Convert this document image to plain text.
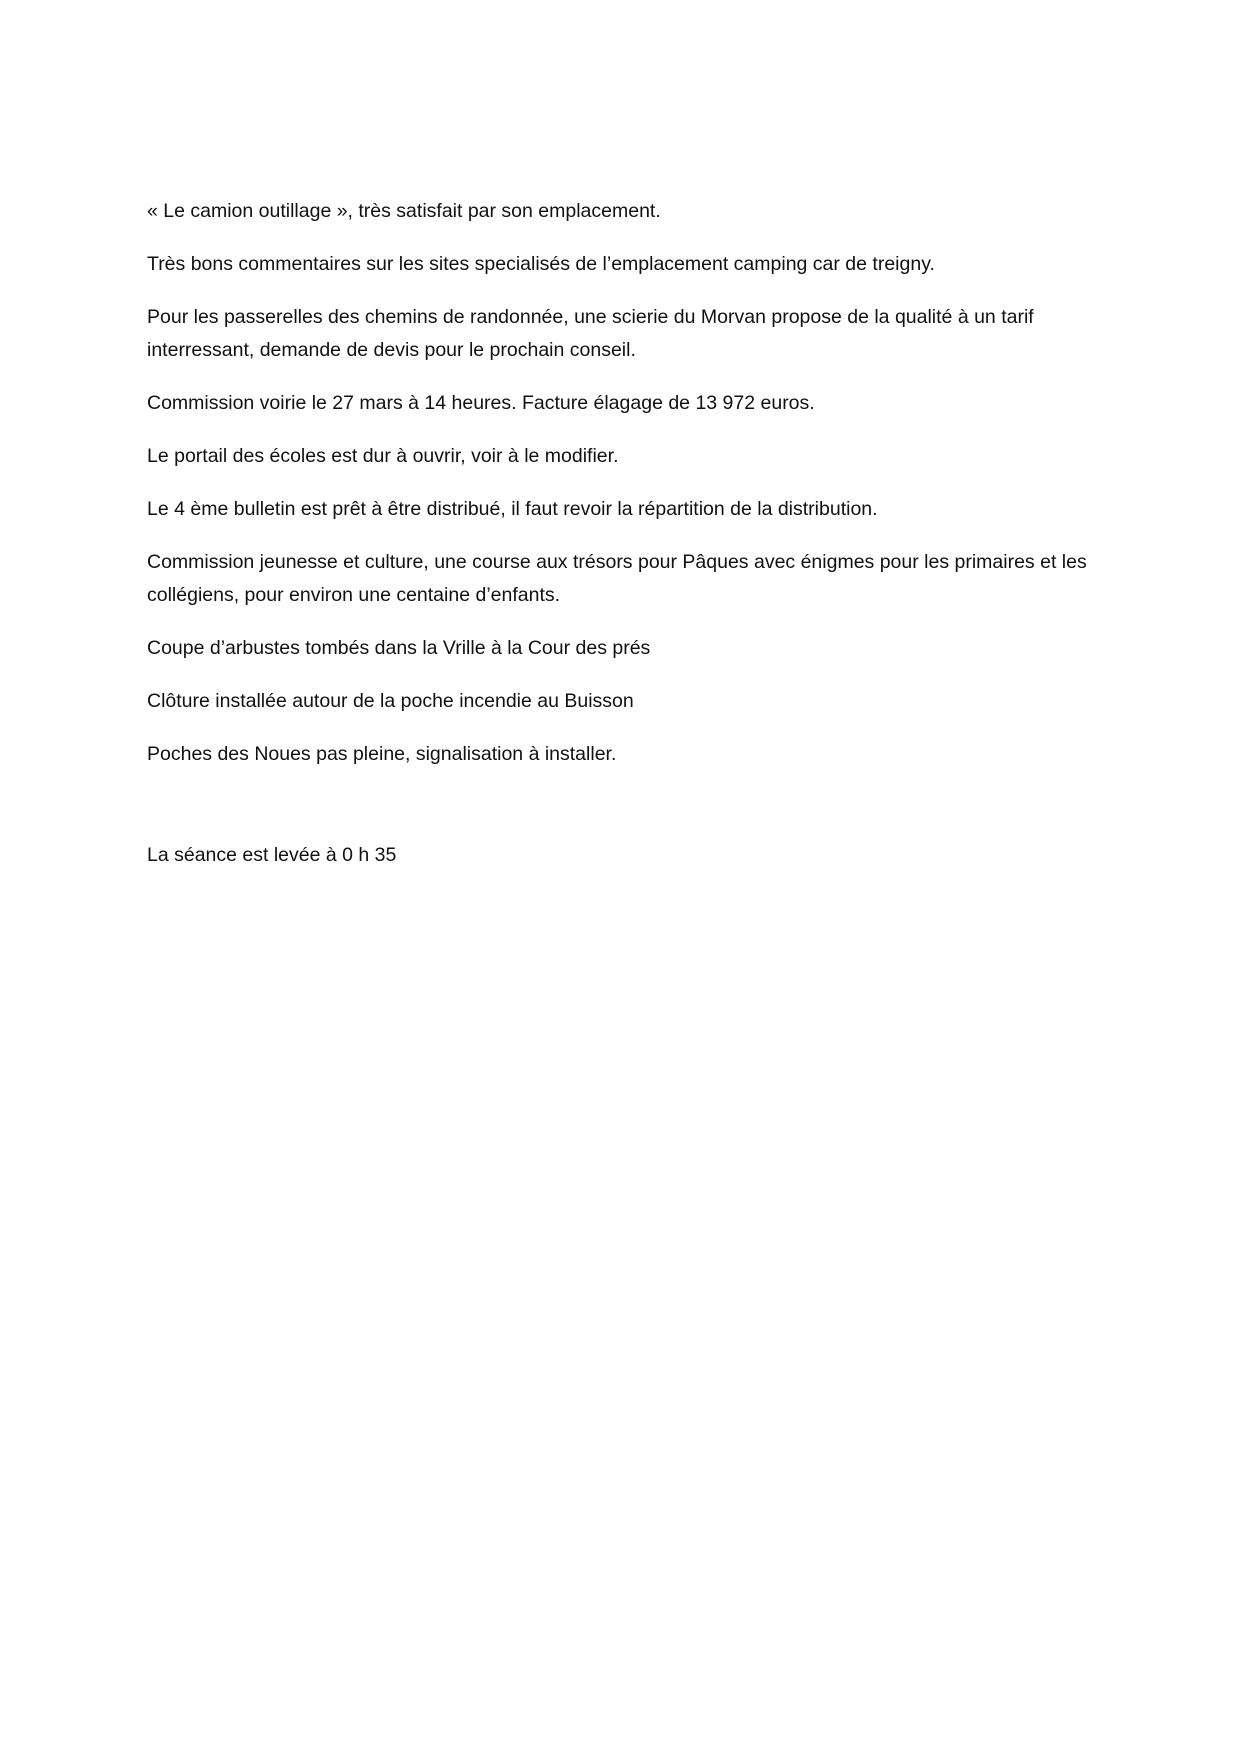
« Le camion outillage », très satisfait par son emplacement.

Très bons commentaires sur les sites specialisés de l’emplacement camping car de treigny.

Pour les passerelles des chemins de randonnée, une scierie du Morvan propose de la qualité à un tarif interressant, demande de devis pour le prochain conseil.

Commission voirie le 27 mars à 14 heures. Facture élagage de 13 972 euros.

Le portail des écoles est dur à ouvrir, voir à le modifier.

Le 4 ème bulletin est prêt à être distribué, il faut revoir la répartition de la distribution.

Commission jeunesse et culture, une course aux trésors pour Pâques avec énigmes pour les primaires et les collégiens, pour environ une centaine d’enfants.

Coupe d’arbustes tombés dans la Vrille à la Cour des prés

Clôture installée autour de la poche incendie au Buisson

Poches des Noues pas pleine, signalisation à installer.

La séance est levée à 0 h 35
